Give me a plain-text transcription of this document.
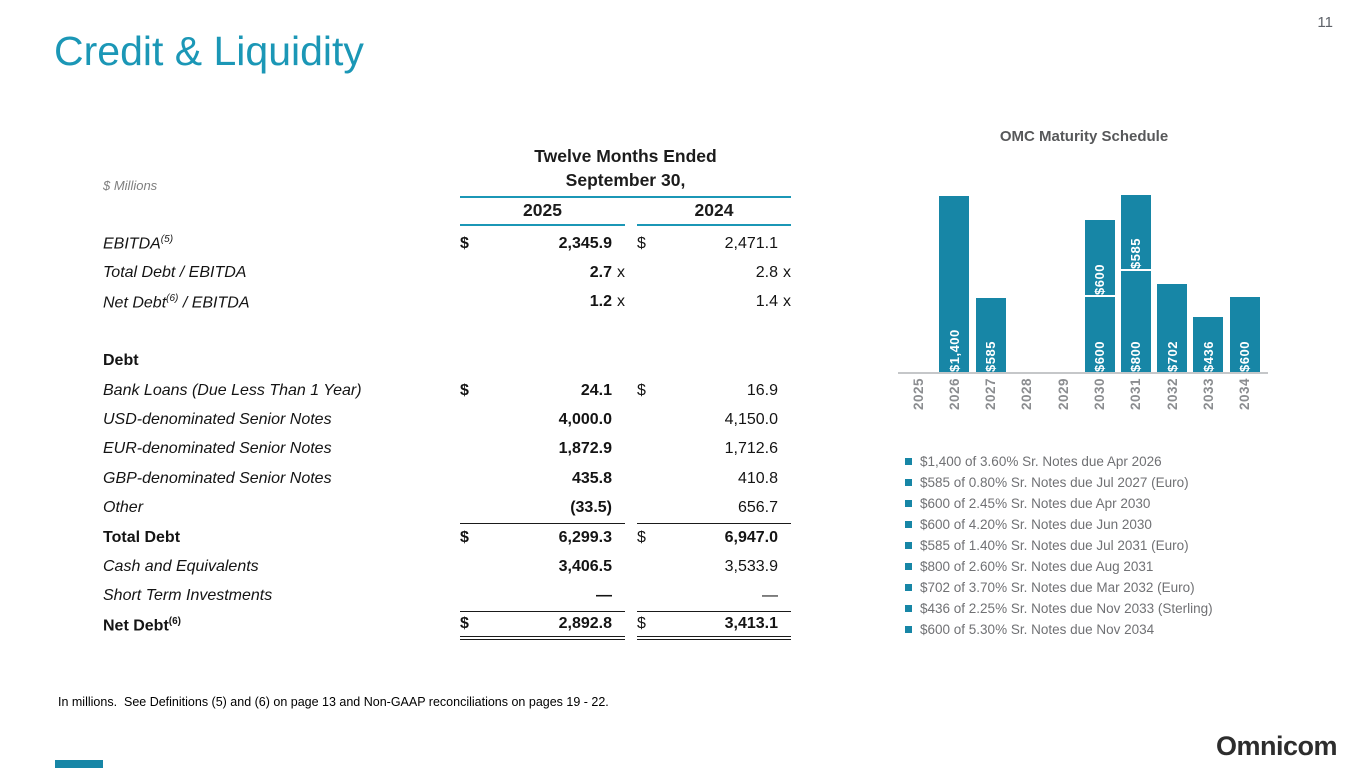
11
Credit & Liquidity
$ Millions
Twelve Months Ended
September 30,
2025	2024
EBITDA$^{(5)}$	$	2,345.9 $	2,471.1
Total Debt / EBITDA	2.7 x	2.8 x
Net Debt$^{(6)}$ / EBITDA	1.2 x	1.4 x
Debt
Bank Loans (Due Less Than 1 Year)	$	24.1 $	16.9
USD-denominated Senior Notes	4,000.0	4,150.0
EUR-denominated Senior Notes	1,872.9	1,712.6
GBP-denominated Senior Notes	435.8	410.8
Other	(33.5)	656.7
Total Debt	$	6,299.3 $	6,947.0
Cash and Equivalents	3,406.5	3,533.9
Short Term Investments	—	—
Net Debt$^{(6)}$	$	2,892.8 $	3,413.1
OMC Maturity Schedule
$1,400 $585	$600
$600
$800
$585
$702 $436 $600
2025 2026 2027 2028 2029 2030 2031 2032 2033 2034
$1,400 of 3.60% Sr. Notes due Apr 2026
$585 of 0.80% Sr. Notes due Jul 2027 (Euro)
$600 of 2.45% Sr. Notes due Apr 2030
$600 of 4.20% Sr. Notes due Jun 2030
$585 of 1.40% Sr. Notes due Jul 2031 (Euro)
$800 of 2.60% Sr. Notes due Aug 2031
$702 of 3.70% Sr. Notes due Mar 2032 (Euro)
$436 of 2.25% Sr. Notes due Nov 2033 (Sterling)
$600 of 5.30% Sr. Notes due Nov 2034
In millions.  See Definitions (5) and (6) on page 13 and Non-GAAP reconciliations on pages 19 - 22.
Omnicom
